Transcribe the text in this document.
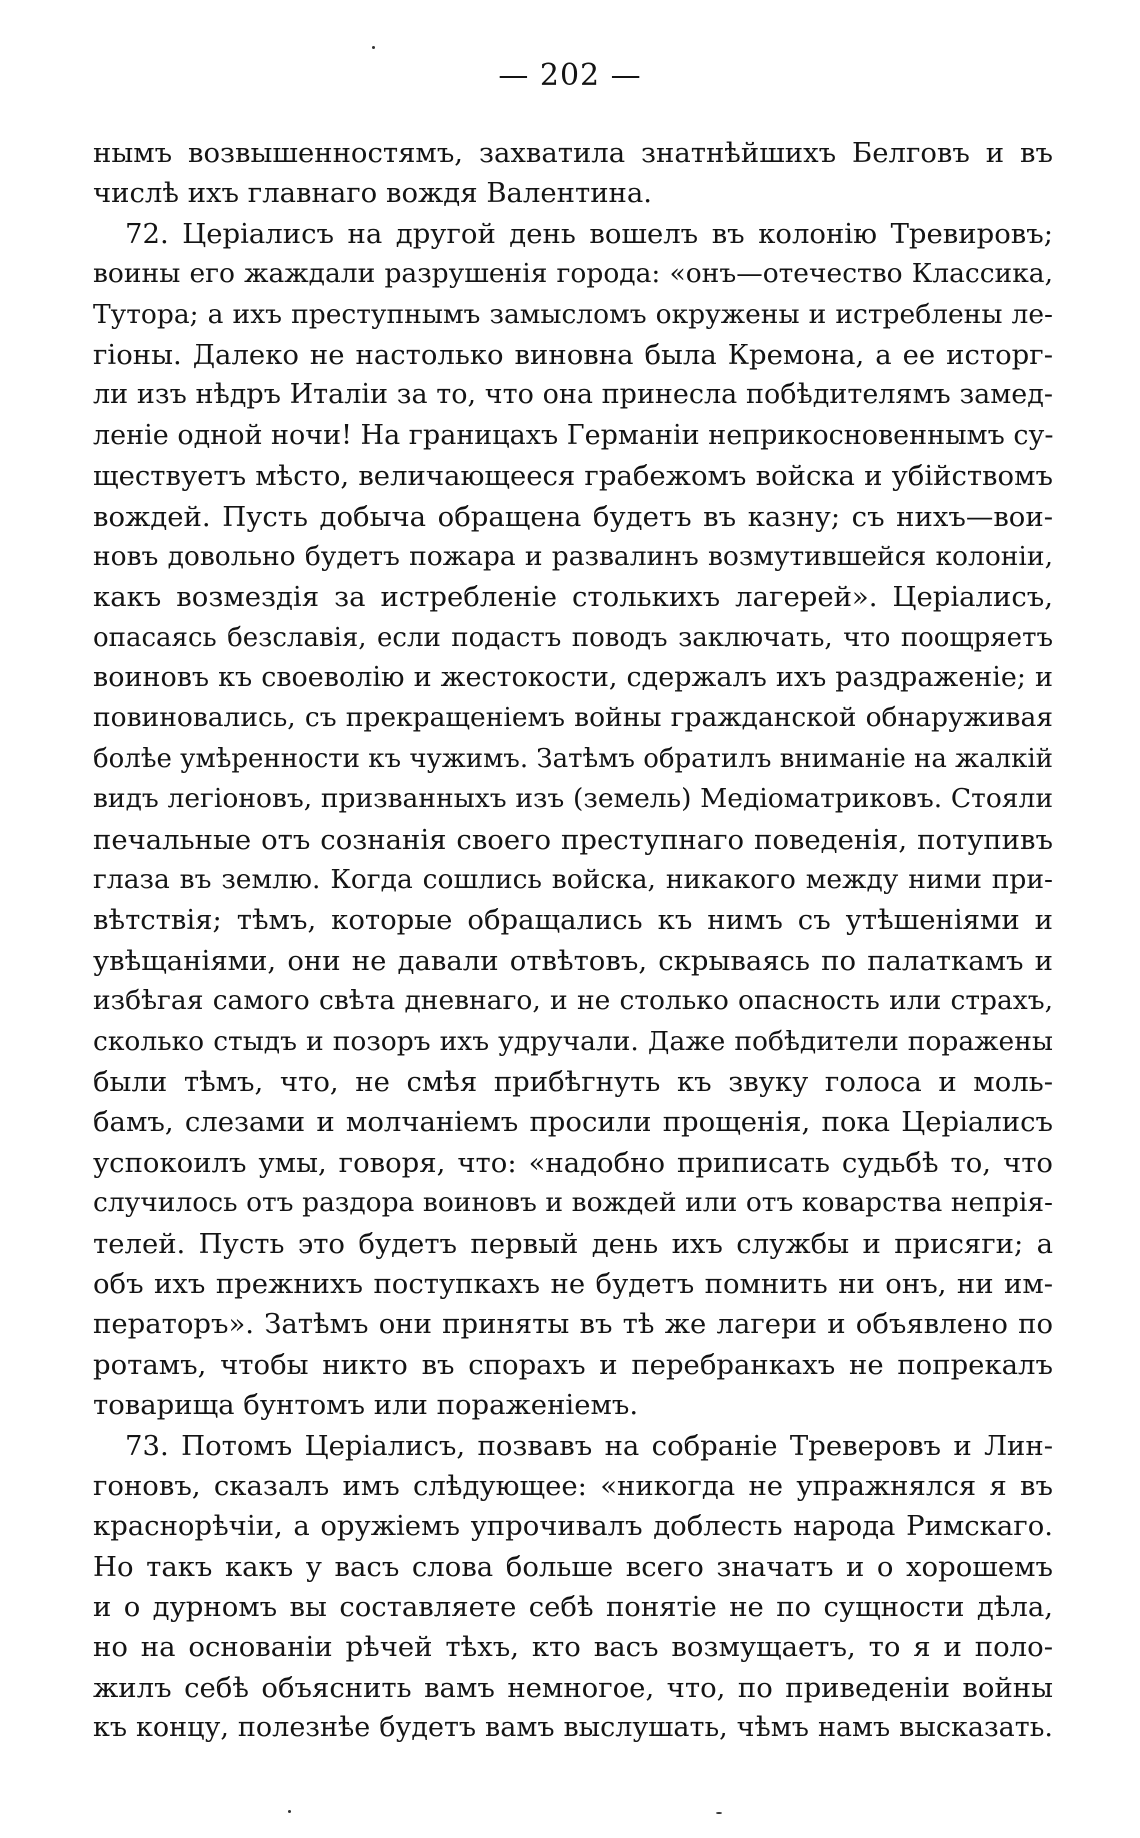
— 202 —
нымъ возвышенностямъ, захватила знатнѣйшихъ Белговъ и въ
числѣ ихъ главнаго вождя Валентина.
72. Церіалисъ на другой день вошелъ въ колонію Тревировъ;
воины его жаждали разрушенія города: «онъ—отечество Классика,
Тутора; а ихъ преступнымъ замысломъ окружены и истреблены ле-
гіоны. Далеко не настолько виновна была Кремона, а ее исторг-
ли изъ нѣдръ Италіи за то, что она принесла побѣдителямъ замед-
леніе одной ночи! На границахъ Германіи неприкосновеннымъ су-
ществуетъ мѣсто, величающееся грабежомъ войска и убійствомъ
вождей. Пусть добыча обращена будетъ въ казну; съ нихъ—вои-
новъ довольно будетъ пожара и развалинъ возмутившейся колоніи,
какъ возмездія за истребленіе столькихъ лагерей». Церіалисъ,
опасаясь безславія, если подастъ поводъ заключать, что поощряетъ
воиновъ къ своеволію и жестокости, сдержалъ ихъ раздраженіе; и
повиновались, съ прекращеніемъ войны гражданской обнаруживая
болѣе умѣренности къ чужимъ. Затѣмъ обратилъ вниманіе на жалкій
видъ легіоновъ, призванныхъ изъ (земель) Медіоматриковъ. Стояли
печальные отъ сознанія своего преступнаго поведенія, потупивъ
глаза въ землю. Когда сошлись войска, никакого между ними при-
вѣтствія; тѣмъ, которые обращались къ нимъ съ утѣшеніями и
увѣщаніями, они не давали отвѣтовъ, скрываясь по палаткамъ и
избѣгая самого свѣта дневнаго, и не столько опасность или страхъ,
сколько стыдъ и позоръ ихъ удручали. Даже побѣдители поражены
были тѣмъ, что, не смѣя прибѣгнуть къ звуку голоса и моль-
бамъ, слезами и молчаніемъ просили прощенія, пока Церіалисъ
успокоилъ умы, говоря, что: «надобно приписать судьбѣ то, что
случилось отъ раздора воиновъ и вождей или отъ коварства непрія-
телей. Пусть это будетъ первый день ихъ службы и присяги; а
объ ихъ прежнихъ поступкахъ не будетъ помнить ни онъ, ни им-
ператоръ». Затѣмъ они приняты въ тѣ же лагери и объявлено по
ротамъ, чтобы никто въ спорахъ и перебранкахъ не попрекалъ
товарища бунтомъ или пораженіемъ.
73. Потомъ Церіалисъ, позвавъ на собраніе Треверовъ и Лин-
гоновъ, сказалъ имъ слѣдующее: «никогда не упражнялся я въ
краснорѣчіи, а оружіемъ упрочивалъ доблесть народа Римскаго.
Но такъ какъ у васъ слова больше всего значатъ и о хорошемъ
и о дурномъ вы составляете себѣ понятіе не по сущности дѣла,
но на основаніи рѣчей тѣхъ, кто васъ возмущаетъ, то я и поло-
жилъ себѣ объяснить вамъ немногое, что, по приведеніи войны
къ концу, полезнѣе будетъ вамъ выслушать, чѣмъ намъ высказать.
